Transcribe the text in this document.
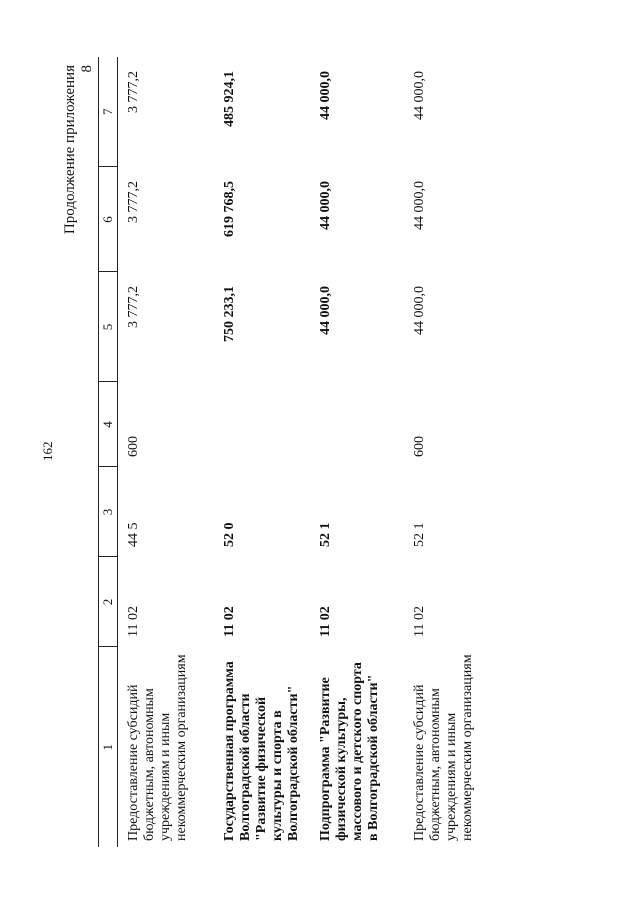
162
Продолжение приложения 8
1	2	3	4	5	6	7
Предоставление субсидий бюджетным, автономным учреждениям и иным некоммерческим организациям	11 02	44 5	600	3 777,2	3 777,2	3 777,2
Государственная программа Волгоградской области "Развитие физической культуры и спорта в Волгоградской области"	11 02	52 0		750 233,1	619 768,5	485 924,1
Подпрограмма "Развитие физической культуры, массового и детского спорта в Волгоградской области"	11 02	52 1		44 000,0	44 000,0	44 000,0
Предоставление субсидий бюджетным, автономным учреждениям и иным некоммерческим организациям	11 02	52 1	600	44 000,0	44 000,0	44 000,0
